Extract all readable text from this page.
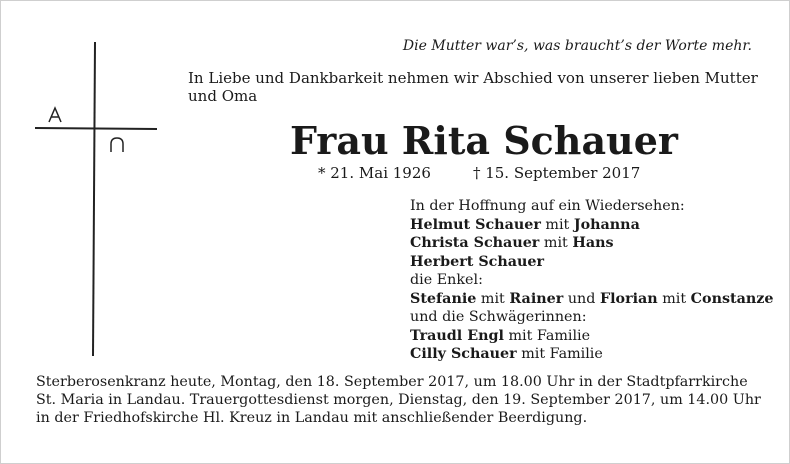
Die Mutter war’s, was braucht’s der Worte mehr.
In Liebe und Dankbarkeit nehmen wir Abschied von unserer lieben Mutter und Oma
Frau Rita Schauer
* 21. Mai 1926	† 15. September 2017
In der Hoffnung auf ein Wiedersehen:
Helmut Schauer mit Johanna
Christa Schauer mit Hans
Herbert Schauer
die Enkel:
Stefanie mit Rainer und Florian mit Constanze
und die Schwägerinnen:
Traudl Engl mit Familie
Cilly Schauer mit Familie
Sterberosenkranz heute, Montag, den 18. September 2017, um 18.00 Uhr in der Stadtpfarrkirche St. Maria in Landau. Trauergottesdienst morgen, Dienstag, den 19. September 2017, um 14.00 Uhr in der Friedhofskirche Hl. Kreuz in Landau mit anschließender Beerdigung.
